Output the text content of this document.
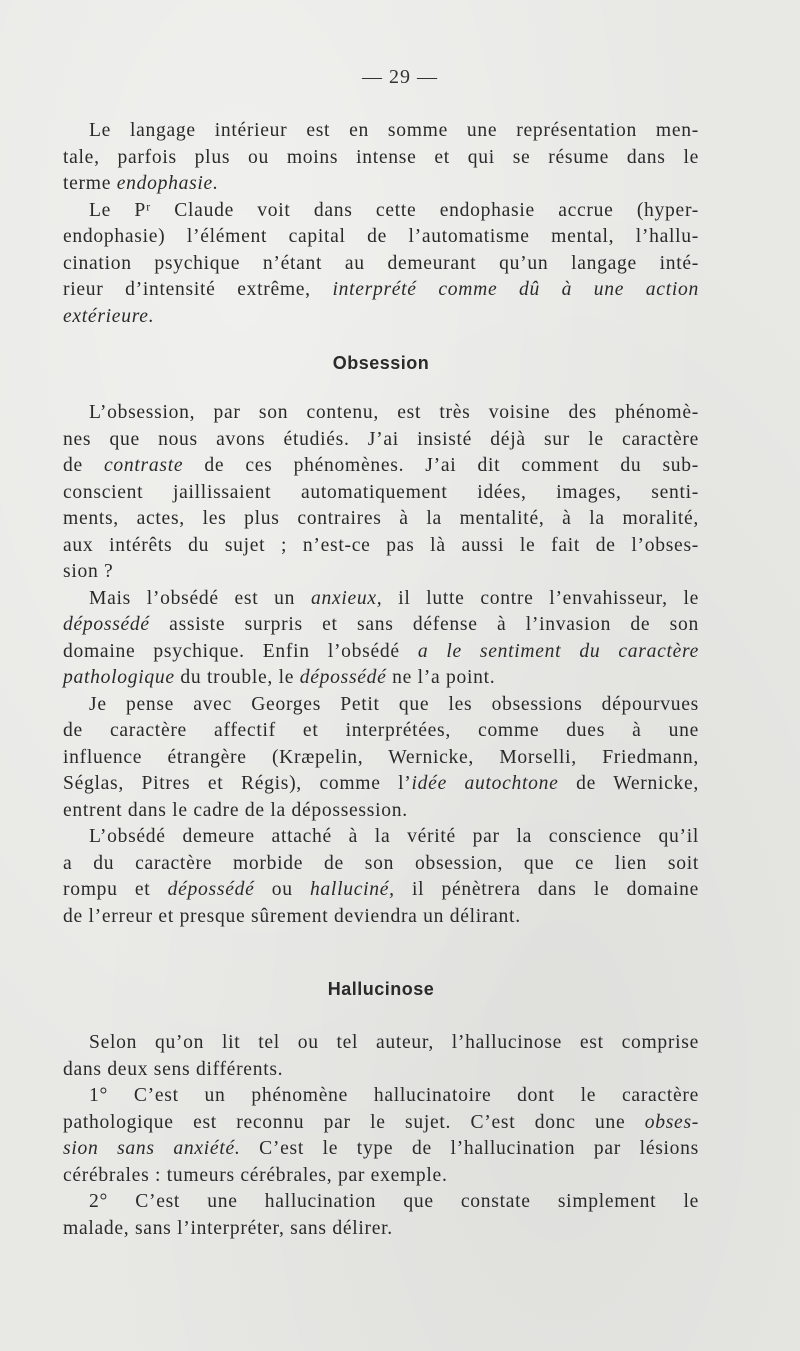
— 29 —

Le langage intérieur est en somme une représentation men-
tale, parfois plus ou moins intense et qui se résume dans le
terme endophasie.

Le Pʳ Claude voit dans cette endophasie accrue (hyper-
endophasie) l’élément capital de l’automatisme mental, l’hallu-
cination psychique n’étant au demeurant qu’un langage inté-
rieur d’intensité extrême, interprété comme dû à une action
extérieure.

Obsession

L’obsession, par son contenu, est très voisine des phénomè-
nes que nous avons étudiés. J’ai insisté déjà sur le caractère
de contraste de ces phénomènes. J’ai dit comment du sub-
conscient jaillissaient automatiquement idées, images, senti-
ments, actes, les plus contraires à la mentalité, à la moralité,
aux intérêts du sujet ; n’est-ce pas là aussi le fait de l’obses-
sion ?

Mais l’obsédé est un anxieux, il lutte contre l’envahisseur, le
dépossédé assiste surpris et sans défense à l’invasion de son
domaine psychique. Enfin l’obsédé a le sentiment du caractère
pathologique du trouble, le dépossédé ne l’a point.

Je pense avec Georges Petit que les obsessions dépourvues
de caractère affectif et interprétées, comme dues à une
influence étrangère (Kræpelin, Wernicke, Morselli, Friedmann,
Séglas, Pitres et Régis), comme l’idée autochtone de Wernicke,
entrent dans le cadre de la dépossession.

L’obsédé demeure attaché à la vérité par la conscience qu’il
a du caractère morbide de son obsession, que ce lien soit
rompu et dépossédé ou halluciné, il pénètrera dans le domaine
de l’erreur et presque sûrement deviendra un délirant.

Hallucinose

Selon qu’on lit tel ou tel auteur, l’hallucinose est comprise
dans deux sens différents.

1° C’est un phénomène hallucinatoire dont le caractère
pathologique est reconnu par le sujet. C’est donc une obses-
sion sans anxiété. C’est le type de l’hallucination par lésions
cérébrales : tumeurs cérébrales, par exemple.

2° C’est une hallucination que constate simplement le
malade, sans l’interpréter, sans délirer.
